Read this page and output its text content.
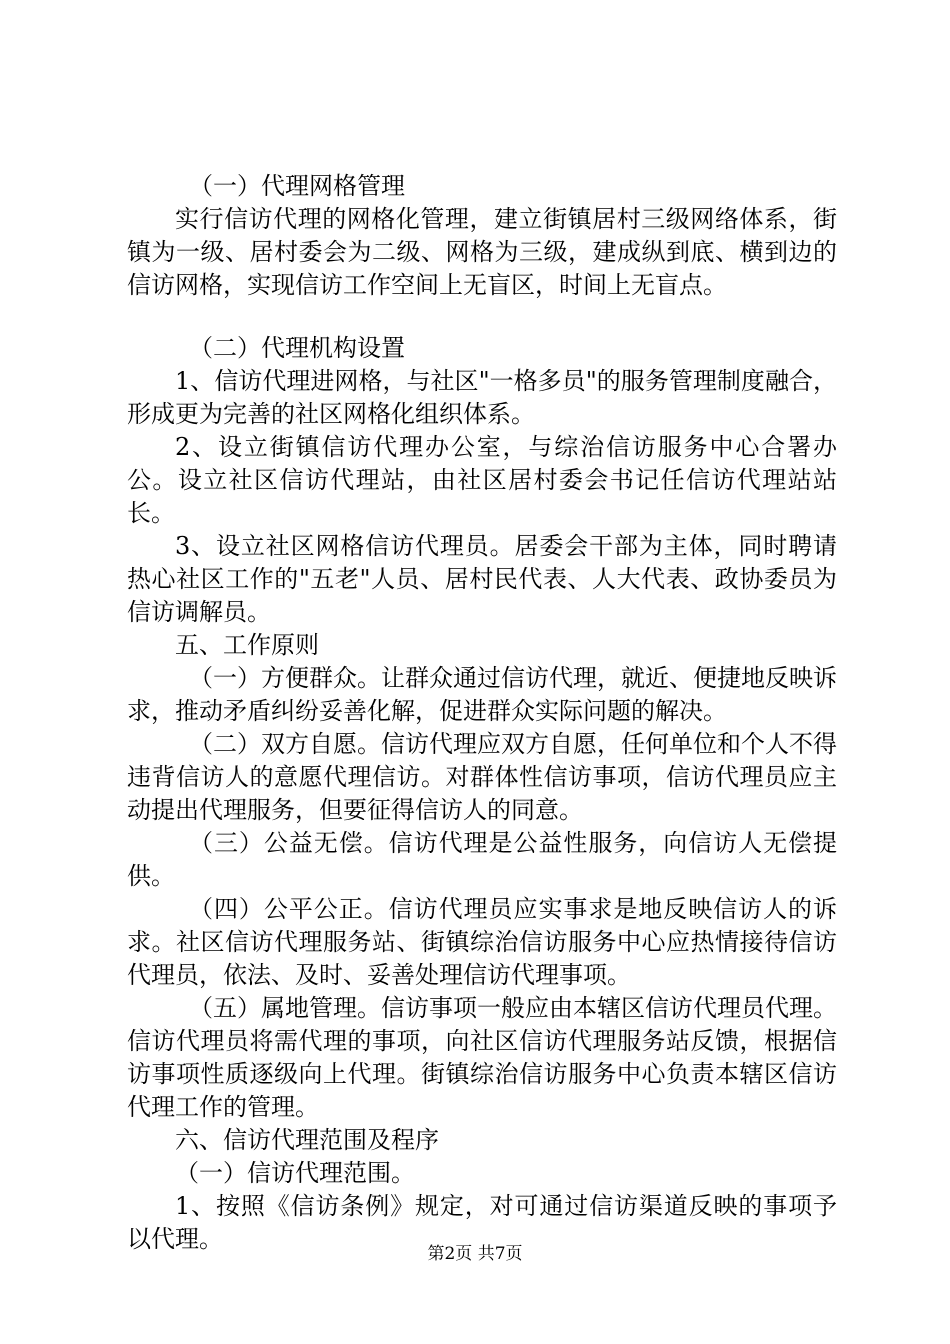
（一）代理网格管理

实行信访代理的网格化管理，建立街镇居村三级网络体系，街镇为一级、居村委会为二级、网格为三级，建成纵到底、横到边的信访网格，实现信访工作空间上无盲区，时间上无盲点。

（二）代理机构设置

1、信访代理进网格，与社区"一格多员"的服务管理制度融合，形成更为完善的社区网格化组织体系。

2、设立街镇信访代理办公室，与综治信访服务中心合署办公。设立社区信访代理站，由社区居村委会书记任信访代理站站长。

3、设立社区网格信访代理员。居委会干部为主体，同时聘请热心社区工作的"五老"人员、居村民代表、人大代表、政协委员为信访调解员。

五、工作原则

（一）方便群众。让群众通过信访代理，就近、便捷地反映诉求，推动矛盾纠纷妥善化解，促进群众实际问题的解决。

（二）双方自愿。信访代理应双方自愿，任何单位和个人不得违背信访人的意愿代理信访。对群体性信访事项，信访代理员应主动提出代理服务，但要征得信访人的同意。

（三）公益无偿。信访代理是公益性服务，向信访人无偿提供。

（四）公平公正。信访代理员应实事求是地反映信访人的诉求。社区信访代理服务站、街镇综治信访服务中心应热情接待信访代理员，依法、及时、妥善处理信访代理事项。

（五）属地管理。信访事项一般应由本辖区信访代理员代理。信访代理员将需代理的事项，向社区信访代理服务站反馈，根据信访事项性质逐级向上代理。街镇综治信访服务中心负责本辖区信访代理工作的管理。

六、信访代理范围及程序

（一）信访代理范围。

1、按照《信访条例》规定，对可通过信访渠道反映的事项予以代理。

第2页 共7页
